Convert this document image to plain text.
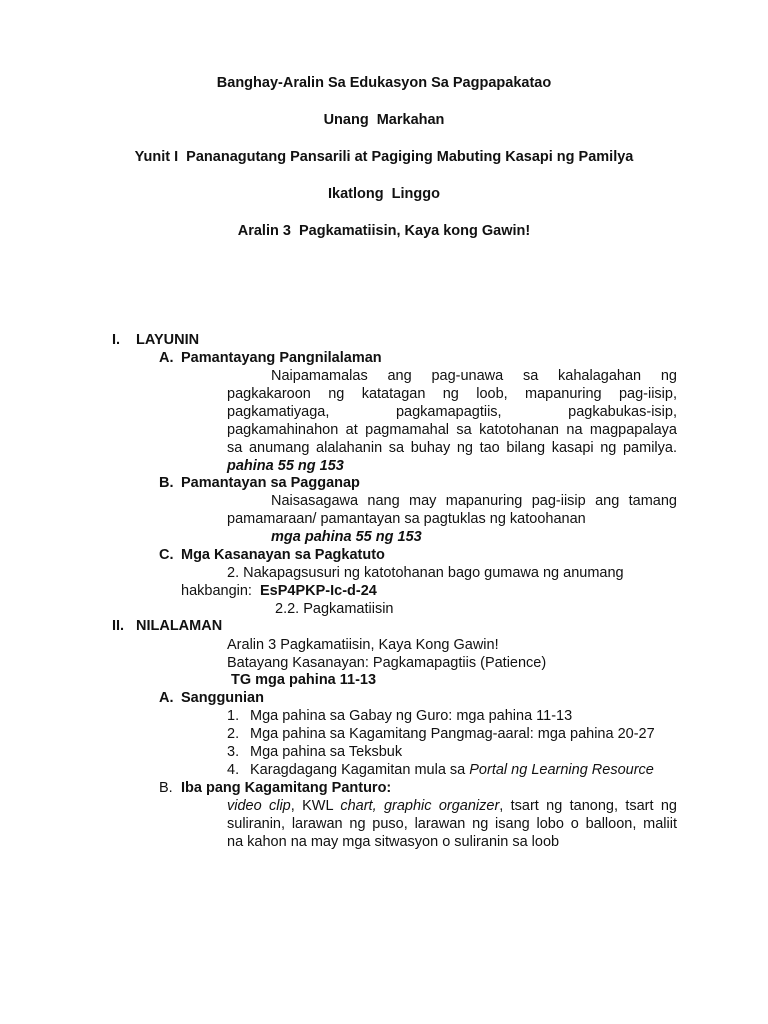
Banghay-Aralin Sa Edukasyon Sa Pagpapakatao
Unang  Markahan
Yunit I  Pananagutang Pansarili at Pagiging Mabuting Kasapi ng Pamilya
Ikatlong  Linggo
Aralin 3  Pagkamatiisin, Kaya kong Gawin!
I. LAYUNIN
A. Pamantayang Pangnilalaman
Naipamamalas ang pag-unawa sa kahalagahan ng
pagkakaroon ng katatagan ng loob, mapanuring pag-iisip,
pagkamatiyaga, pagkamapagtiis, pagkabukas-isip,
pagkamahinahon at pagmamahal sa katotohanan na magpapalaya
sa anumang alalahanin sa buhay ng tao bilang kasapi ng pamilya.
pahina 55 ng 153
B. Pamantayan sa Pagganap
Naisasagawa nang may mapanuring pag-iisip ang tamang
pamamaraan/ pamantayan sa pagtuklas ng katoohanan
mga pahina 55 ng 153
C. Mga Kasanayan sa Pagkatuto
2. Nakapagsusuri ng katotohanan bago gumawa ng anumang
hakbangin:  EsP4PKP-Ic-d-24
2.2. Pagkamatiisin
II. NILALAMAN
Aralin 3 Pagkamatiisin, Kaya Kong Gawin!
Batayang Kasanayan: Pagkamapagtiis (Patience)
TG mga pahina 11-13
A. Sanggunian
1. Mga pahina sa Gabay ng Guro: mga pahina 11-13
2. Mga pahina sa Kagamitang Pangmag-aaral: mga pahina 20-27
3. Mga pahina sa Teksbuk
4. Karagdagang Kagamitan mula sa Portal ng Learning Resource
B. Iba pang Kagamitang Panturo:
video clip, KWL chart, graphic organizer, tsart ng tanong, tsart ng
suliranin, larawan ng puso, larawan ng isang lobo o balloon, maliit
na kahon na may mga sitwasyon o suliranin sa loob
